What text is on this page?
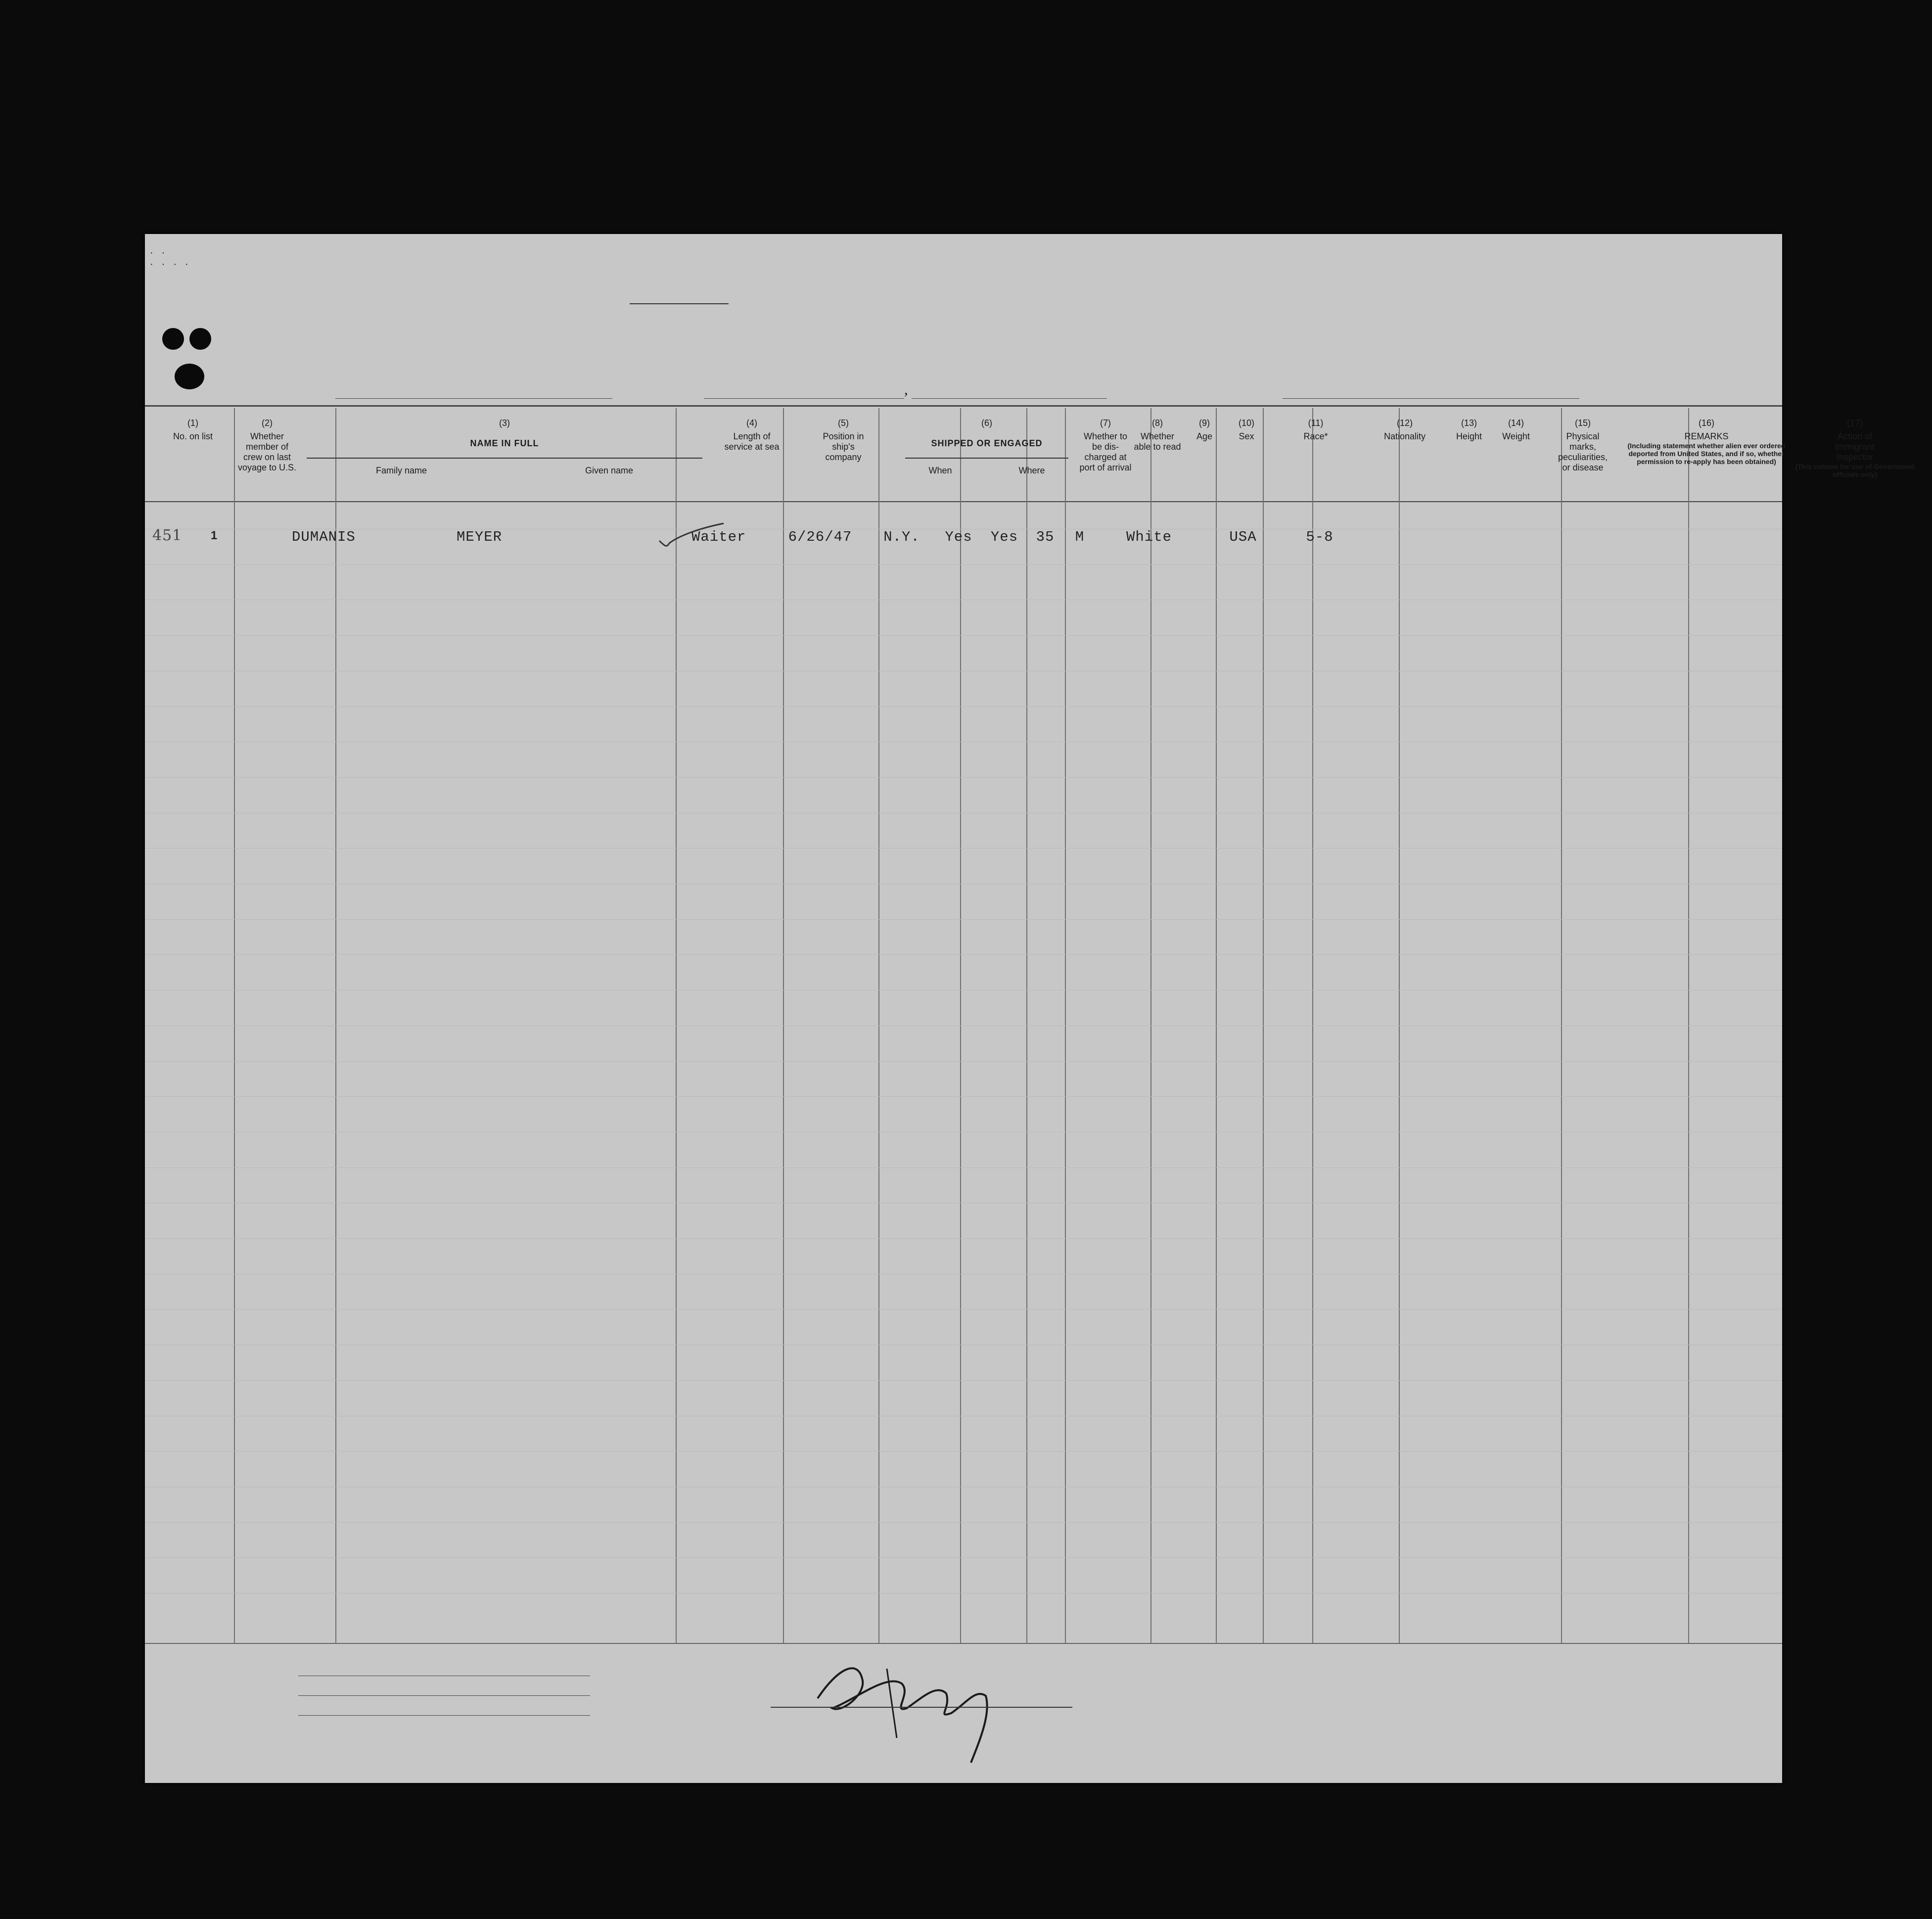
· ·
· · · ·
,
(1)
No. on list
(2)
Whether member of crew on last voyage to U.S.
(3)
NAME IN FULL
Family name	Given name
(4)
Length of service at sea
(5)
Position in ship's company
(6)
SHIPPED OR ENGAGED
When	Where
(7)
Whether to be dis-charged at port of arrival
(8)
Whether able to read
(9)
Age
(10)
Sex
(11)
Race*
(12)
Nationality
(13)
Height
(14)
Weight
(15)
Physical marks, peculiarities, or disease
(16)
REMARKS
(Including statement whether alien ever ordered deported from United States, and if so, whether permission to re-apply has been obtained)
(17)
Action of Immigrant Inspector
(This column for use of Government officials only)
451	1	DUMANIS	MEYER	Waiter	6/26/47	N.Y.	Yes	Yes	35	M	White	USA	5-8
